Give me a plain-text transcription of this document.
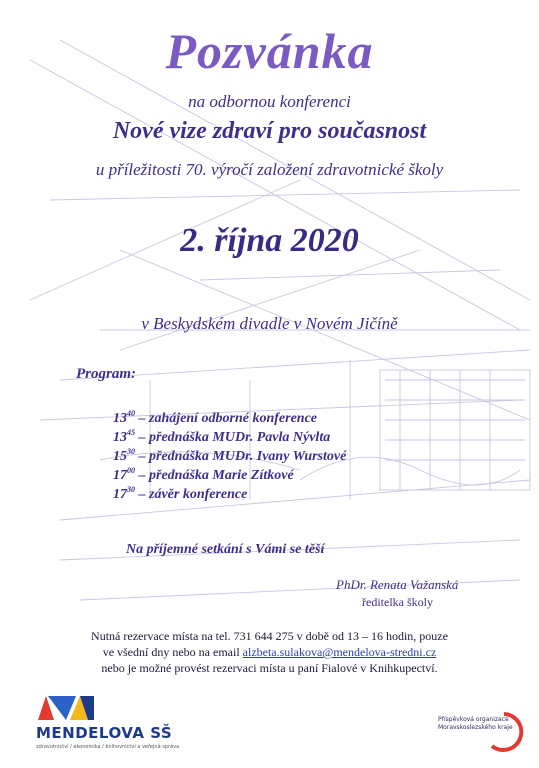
Pozvánka
na odbornou konferenci
Nové vize zdraví pro současnost
u příležitosti 70. výročí založení zdravotnické školy
2. října 2020
v Beskydském divadle v Novém Jičíně
Program:
$13^{40}$ – zahájení odborné konference
$13^{45}$ – přednáška MUDr. Pavla Nývlta
$15^{30}$ – přednáška MUDr. Ivany Wurstové
$17^{00}$ – přednáška Marie Zítkové
$17^{30}$ – závěr konference
Na příjemné setkání s Vámi se těší
PhDr. Renata Važanská
ředitelka školy
Nutná rezervace místa na tel. 731 644 275 v době od 13 – 16 hodin, pouze
ve všední dny nebo na email alzbeta.sulakova@mendelova-stredni.cz
nebo je možné provést rezervaci místa u paní Fialové v Knihkupectví.
MENDELOVA SŠ
zdravotnictví / ekonomika / knihovnictví a veřejná správa
Příspěvková organizace
Moravskoslezského kraje
